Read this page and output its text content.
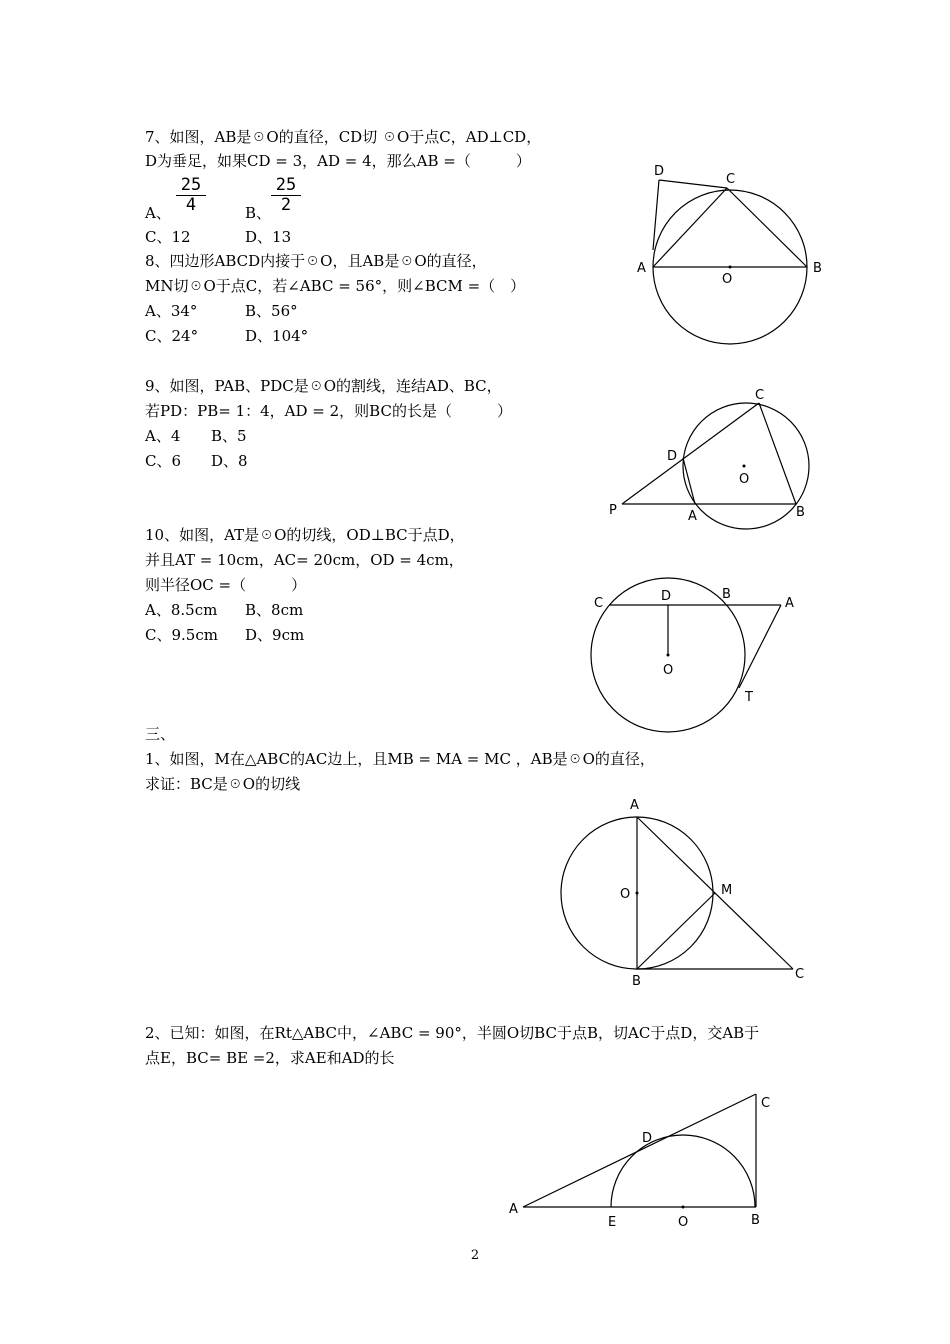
7、如图，AB是☉O的直径，CD切 ☉O于点C，AD⊥CD，
D为垂足，如果CD = 3，AD = 4，那么AB =（　　　）
A、 $\frac{25}{4}$	B、 $\frac{25}{2}$
C、12	D、13
8、四边形ABCD内接于☉O，且AB是☉O的直径，
MN切☉O于点C，若∠ABC = 56°，则∠BCM =（　）
A、34°	B、56°
C、24°	D、104°
D
C
A
O
B
9、如图，PAB、PDC是☉O的割线，连结AD、BC，
若PD：PB= 1：4，AD = 2，则BC的长是（　　　）
A、4 B、5
C、6 D、8
C
D
O
P	A	B
10、如图，AT是☉O的切线，OD⊥BC于点D，
并且AT = 10cm，AC= 20cm，OD = 4cm，
则半径OC =（　　　）
A、8.5cm B、8cm
C、9.5cm D、9cm
C	D	B
A
O
T
三、
1、如图，M在△ABC的AC边上，且MB = MA = MC ，AB是☉O的直径，
求证：BC是☉O的切线
A
O	M
B	C
2、已知：如图，在Rt△ABC中，∠ABC = 90°，半圆O切BC于点B，切AC于点D，交AB于
点E，BC= BE =2，求AE和AD的长
C
D
A
E	O	B
2
